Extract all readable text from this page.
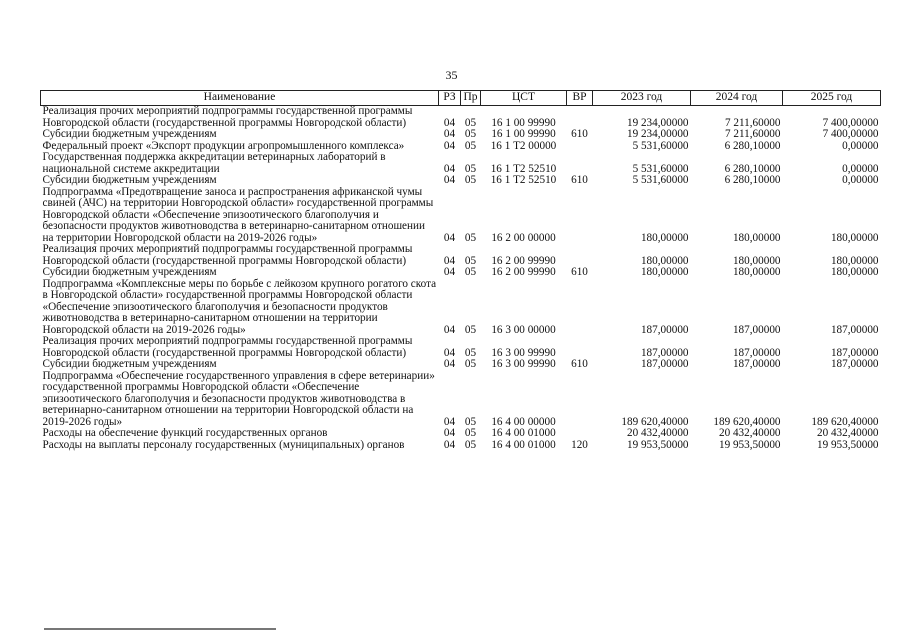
35
Наименование	РЗ	Пр	ЦСТ	ВР	2023 год	2024 год	2025 год
Реализация прочих мероприятий подпрограммы государственной программы Новгородской области (государственной программы Новгородской области)	04	05	16 1 00 99990		19 234,00000	7 211,60000	7 400,00000
Субсидии бюджетным учреждениям	04	05	16 1 00 99990	610	19 234,00000	7 211,60000	7 400,00000
Федеральный проект «Экспорт продукции агропромышленного комплекса»	04	05	16 1 Т2 00000		5 531,60000	6 280,10000	0,00000
Государственная поддержка аккредитации ветеринарных лабораторий в национальной системе аккредитации	04	05	16 1 Т2 52510		5 531,60000	6 280,10000	0,00000
Субсидии бюджетным учреждениям	04	05	16 1 Т2 52510	610	5 531,60000	6 280,10000	0,00000
Подпрограмма «Предотвращение заноса и распространения африканской чумы свиней (АЧС) на территории Новгородской области» государственной программы Новгородской области «Обеспечение эпизоотического благополучия и безопасности продуктов животноводства в ветеринарно-санитарном отношении на территории Новгородской области на 2019-2026 годы»	04	05	16 2 00 00000		180,00000	180,00000	180,00000
Реализация прочих мероприятий подпрограммы государственной программы Новгородской области (государственной программы Новгородской области)	04	05	16 2 00 99990		180,00000	180,00000	180,00000
Субсидии бюджетным учреждениям	04	05	16 2 00 99990	610	180,00000	180,00000	180,00000
Подпрограмма «Комплексные меры по борьбе с лейкозом крупного рогатого скота в Новгородской области» государственной программы Новгородской области «Обеспечение эпизоотического благополучия и безопасности продуктов животноводства в ветеринарно-санитарном отношении на территории Новгородской области на 2019-2026 годы»	04	05	16 3 00 00000		187,00000	187,00000	187,00000
Реализация прочих мероприятий подпрограммы государственной программы Новгородской области (государственной программы Новгородской области)	04	05	16 3 00 99990		187,00000	187,00000	187,00000
Субсидии бюджетным учреждениям	04	05	16 3 00 99990	610	187,00000	187,00000	187,00000
Подпрограмма «Обеспечение государственного управления в сфере ветеринарии» государственной программы Новгородской области «Обеспечение эпизоотического благополучия и безопасности продуктов животноводства в ветеринарно-санитарном отношении на территории Новгородской области на 2019-2026 годы»	04	05	16 4 00 00000		189 620,40000	189 620,40000	189 620,40000
Расходы на обеспечение функций государственных органов	04	05	16 4 00 01000		20 432,40000	20 432,40000	20 432,40000
Расходы на выплаты персоналу государственных (муниципальных) органов	04	05	16 4 00 01000	120	19 953,50000	19 953,50000	19 953,50000
